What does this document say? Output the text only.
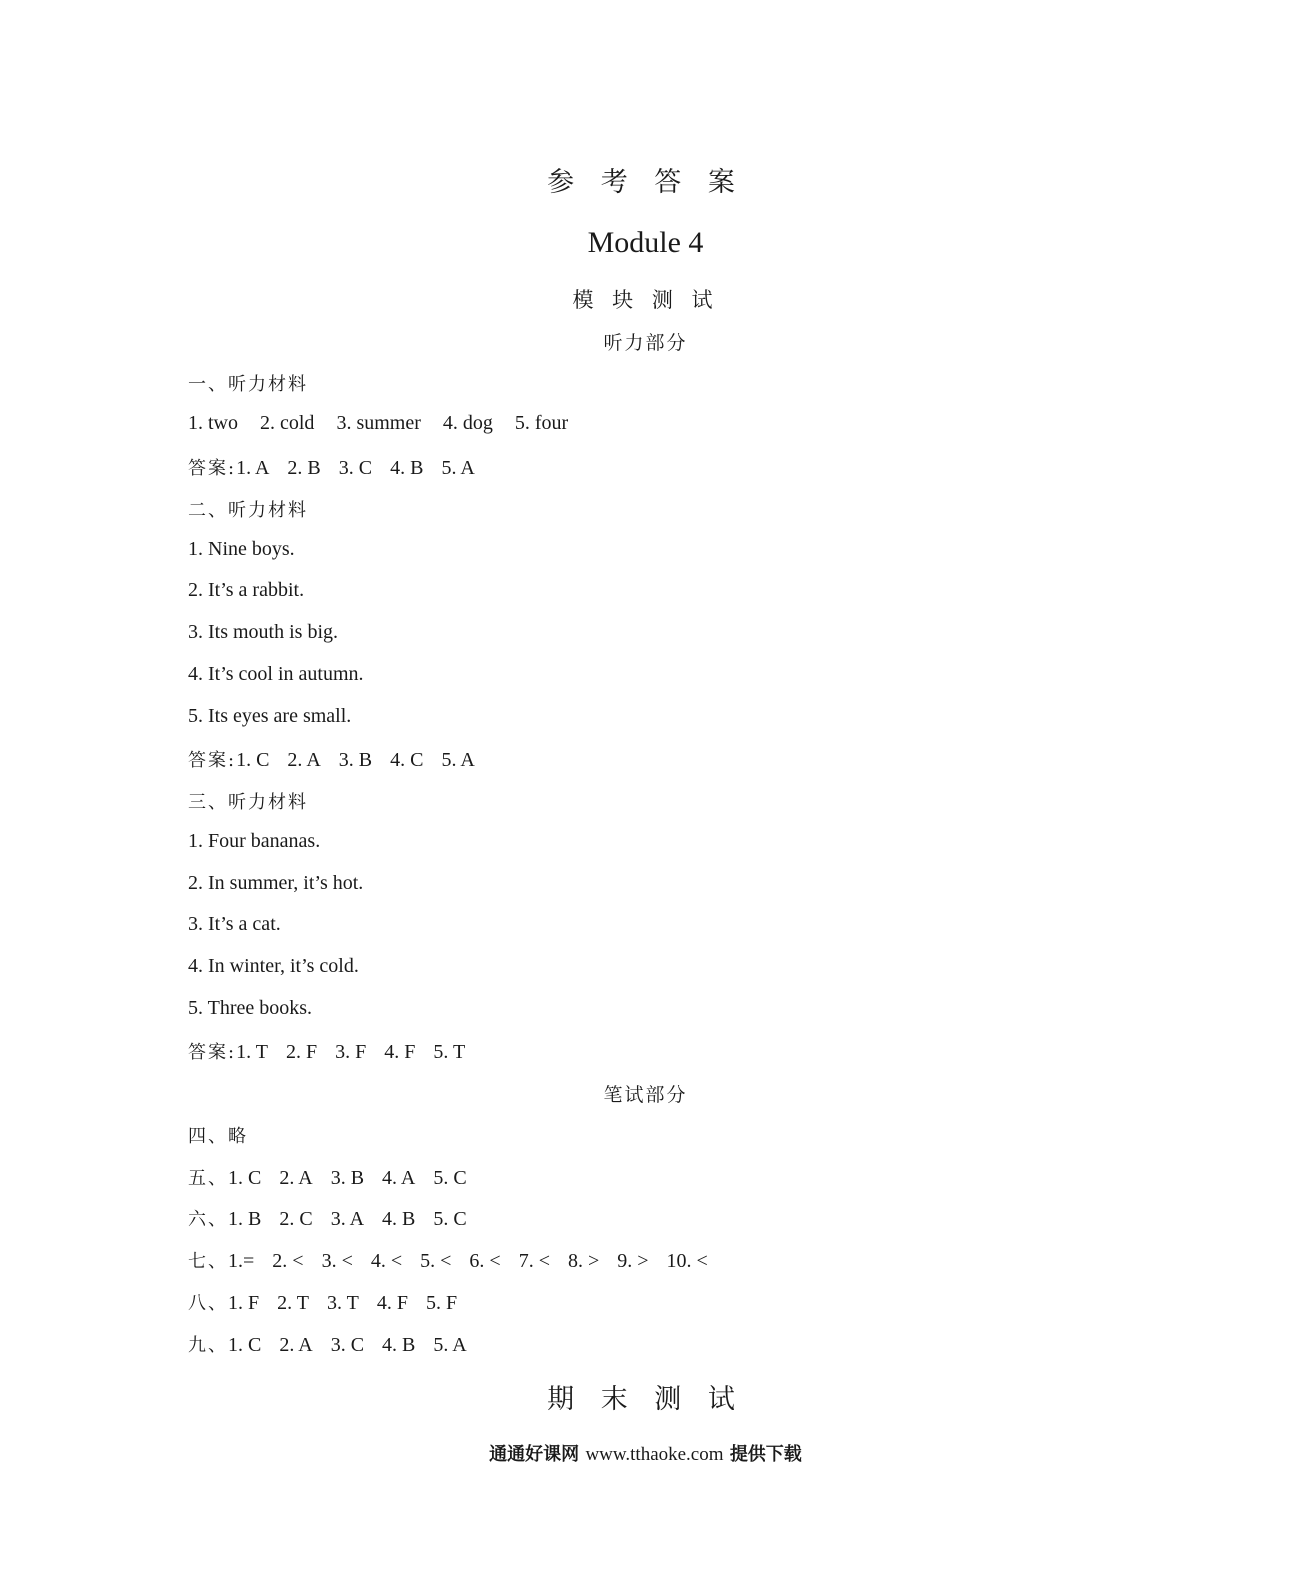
参 考 答 案
Module 4
模 块 测 试
听力部分
一、听力材料
1. two 2. cold 3. summer 4. dog 5. four
答案:1. A 2. B 3. C 4. B 5. A
二、听力材料
1. Nine boys.
2. It’s a rabbit.
3. Its mouth is big.
4. It’s cool in autumn.
5. Its eyes are small.
答案:1. C 2. A 3. B 4. C 5. A
三、听力材料
1. Four bananas.
2. In summer, it’s hot.
3. It’s a cat.
4. In winter, it’s cold.
5. Three books.
答案:1. T 2. F 3. F 4. F 5. T
笔试部分
四、略
五、1. C 2. A 3. B 4. A 5. C
六、1. B 2. C 3. A 4. B 5. C
七、1.= 2. < 3. < 4. < 5. < 6. < 7. < 8. > 9. > 10. <
八、1. F 2. T 3. T 4. F 5. F
九、1. C 2. A 3. C 4. B 5. A
期 末 测 试
通通好课网 www.tthaoke.com 提供下载
